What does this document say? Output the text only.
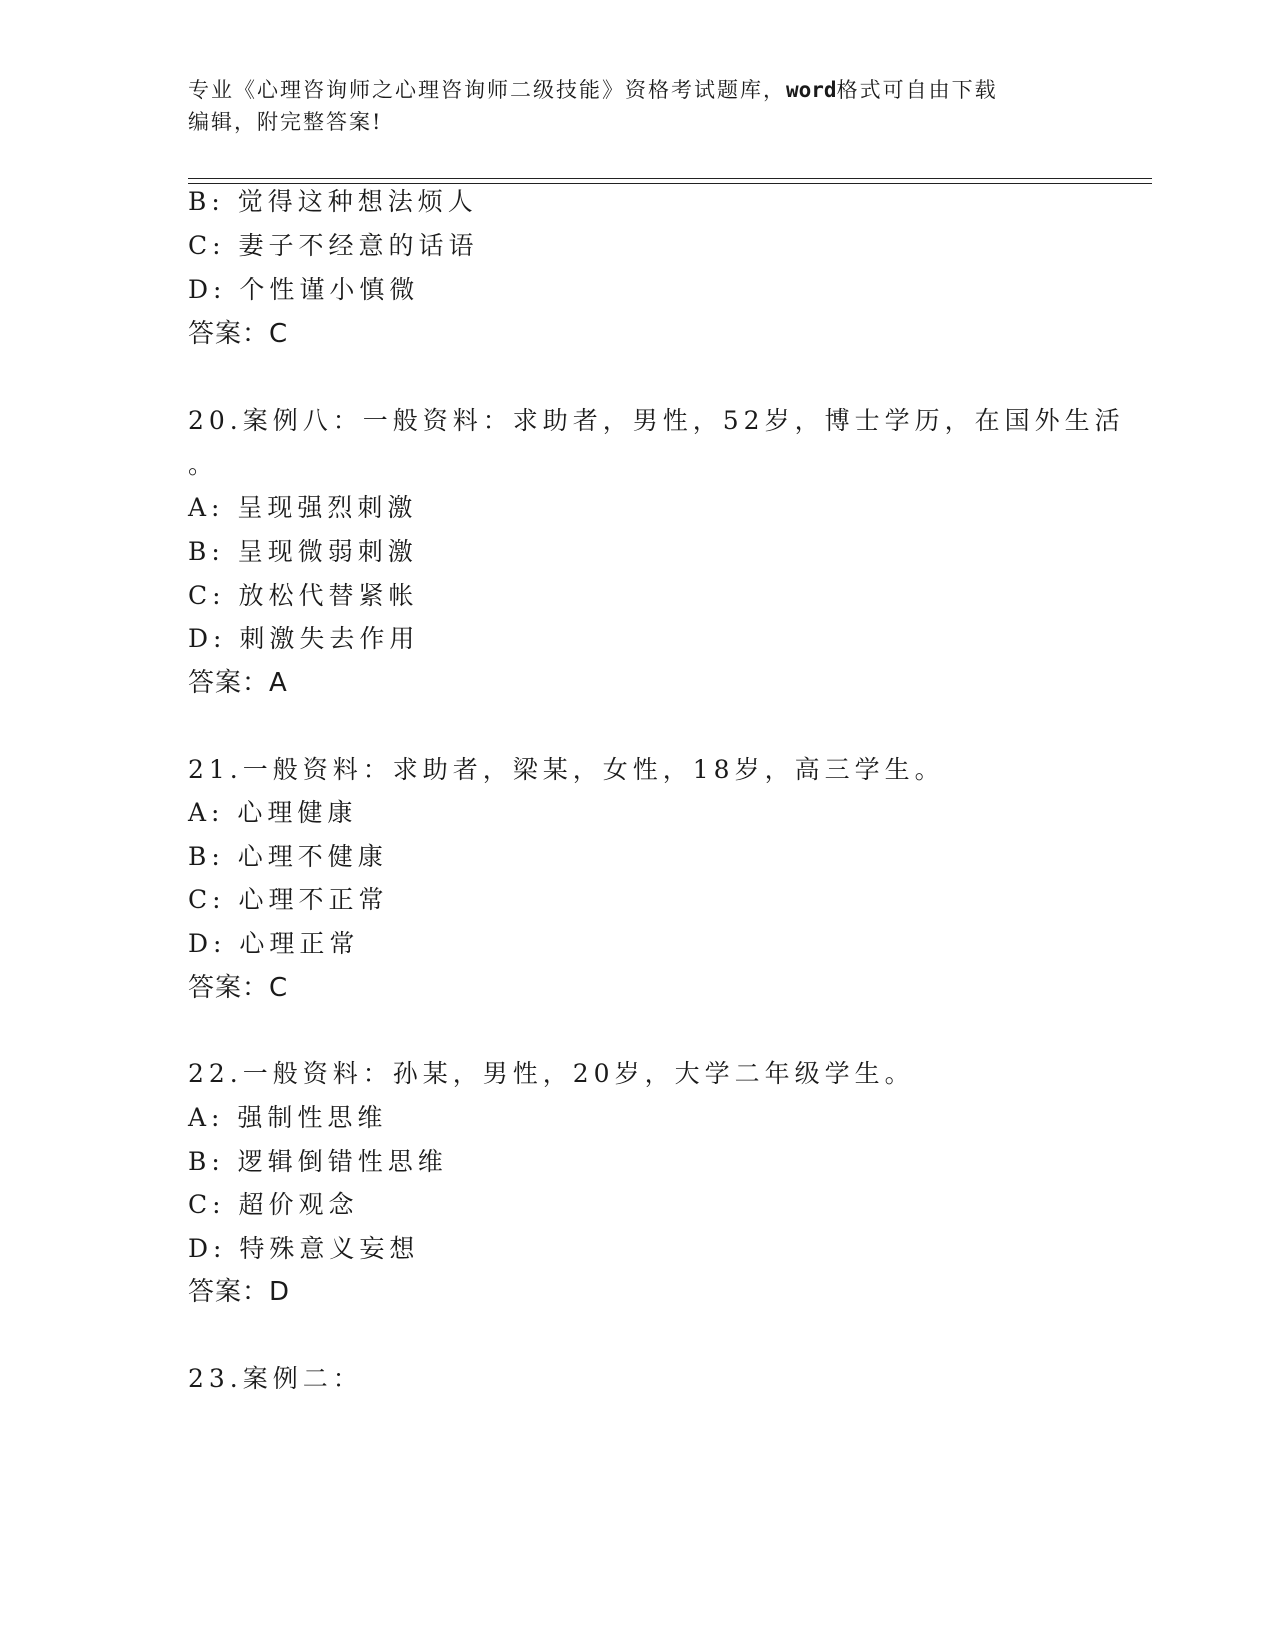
专业《心理咨询师之心理咨询师二级技能》资格考试题库，word格式可自由下载
编辑，附完整答案!
B: 觉得这种想法烦人
C: 妻子不经意的话语
D: 个性谨小慎微
答案：C
20.案例八：一般资料：求助者，男性，52岁，博士学历，在国外生活
。
A: 呈现强烈刺激
B: 呈现微弱刺激
C: 放松代替紧帐
D: 刺激失去作用
答案：A
21.一般资料：求助者，梁某，女性，18岁，高三学生。
A: 心理健康
B: 心理不健康
C: 心理不正常
D: 心理正常
答案：C
22.一般资料：孙某，男性，20岁，大学二年级学生。
A: 强制性思维
B: 逻辑倒错性思维
C: 超价观念
D: 特殊意义妄想
答案：D
23.案例二：
